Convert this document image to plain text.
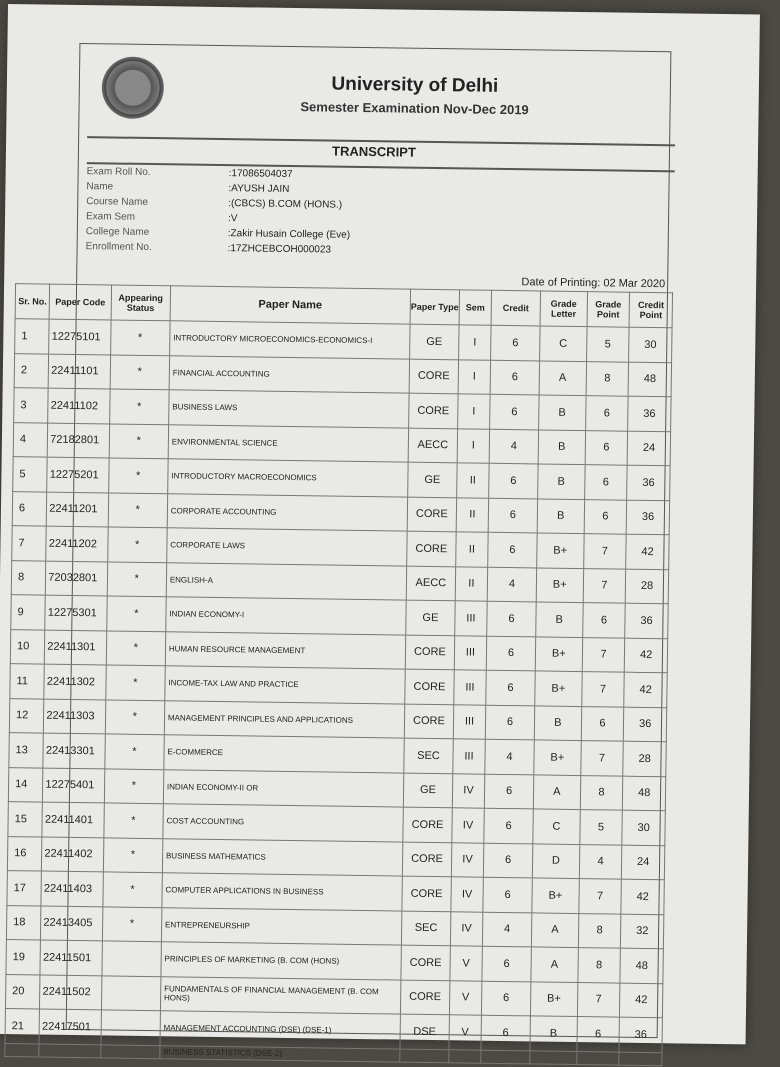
University of Delhi
Semester Examination Nov-Dec 2019
TRANSCRIPT
Exam Roll No.	:17086504037
Name	:AYUSH JAIN
Course Name	:(CBCS) B.COM (HONS.)
Exam Sem	:V
College Name	:Zakir Husain College (Eve)
Enrollment No.	:17ZHCEBCOH000023
Date of Printing: 02 Mar 2020
Sr. No.	Paper Code	Appearing Status	Paper Name	Paper Type	Sem	Credit	Grade Letter	Grade Point	Credit Point
1	12275101	*	INTRODUCTORY MICROECONOMICS-ECONOMICS-I	GE	I	6	C	5	30
2	22411101	*	FINANCIAL ACCOUNTING	CORE	I	6	A	8	48
3	22411102	*	BUSINESS LAWS	CORE	I	6	B	6	36
4	72182801	*	ENVIRONMENTAL SCIENCE	AECC	I	4	B	6	24
5	12275201	*	INTRODUCTORY MACROECONOMICS	GE	II	6	B	6	36
6	22411201	*	CORPORATE ACCOUNTING	CORE	II	6	B	6	36
7	22411202	*	CORPORATE LAWS	CORE	II	6	B+	7	42
8	72032801	*	ENGLISH-A	AECC	II	4	B+	7	28
9	12275301	*	INDIAN ECONOMY-I	GE	III	6	B	6	36
10	22411301	*	HUMAN RESOURCE MANAGEMENT	CORE	III	6	B+	7	42
11	22411302	*	INCOME-TAX LAW AND PRACTICE	CORE	III	6	B+	7	42
12	22411303	*	MANAGEMENT PRINCIPLES AND APPLICATIONS	CORE	III	6	B	6	36
13	22413301	*	E-COMMERCE	SEC	III	4	B+	7	28
14	12275401	*	INDIAN ECONOMY-II OR	GE	IV	6	A	8	48
15	22411401	*	COST ACCOUNTING	CORE	IV	6	C	5	30
16	22411402	*	BUSINESS MATHEMATICS	CORE	IV	6	D	4	24
17	22411403	*	COMPUTER APPLICATIONS IN BUSINESS	CORE	IV	6	B+	7	42
18	22413405	*	ENTREPRENEURSHIP	SEC	IV	4	A	8	32
19	22411501		PRINCIPLES OF MARKETING (B. COM (HONS)	CORE	V	6	A	8	48
20	22411502		FUNDAMENTALS OF FINANCIAL MANAGEMENT (B. COM HONS)	CORE	V	6	B+	7	42
21	22417501		MANAGEMENT ACCOUNTING (DSE) (DSE-1)	DSE	V	6	B	6	36
			BUSINESS STATISTICS (DSE-2)						
